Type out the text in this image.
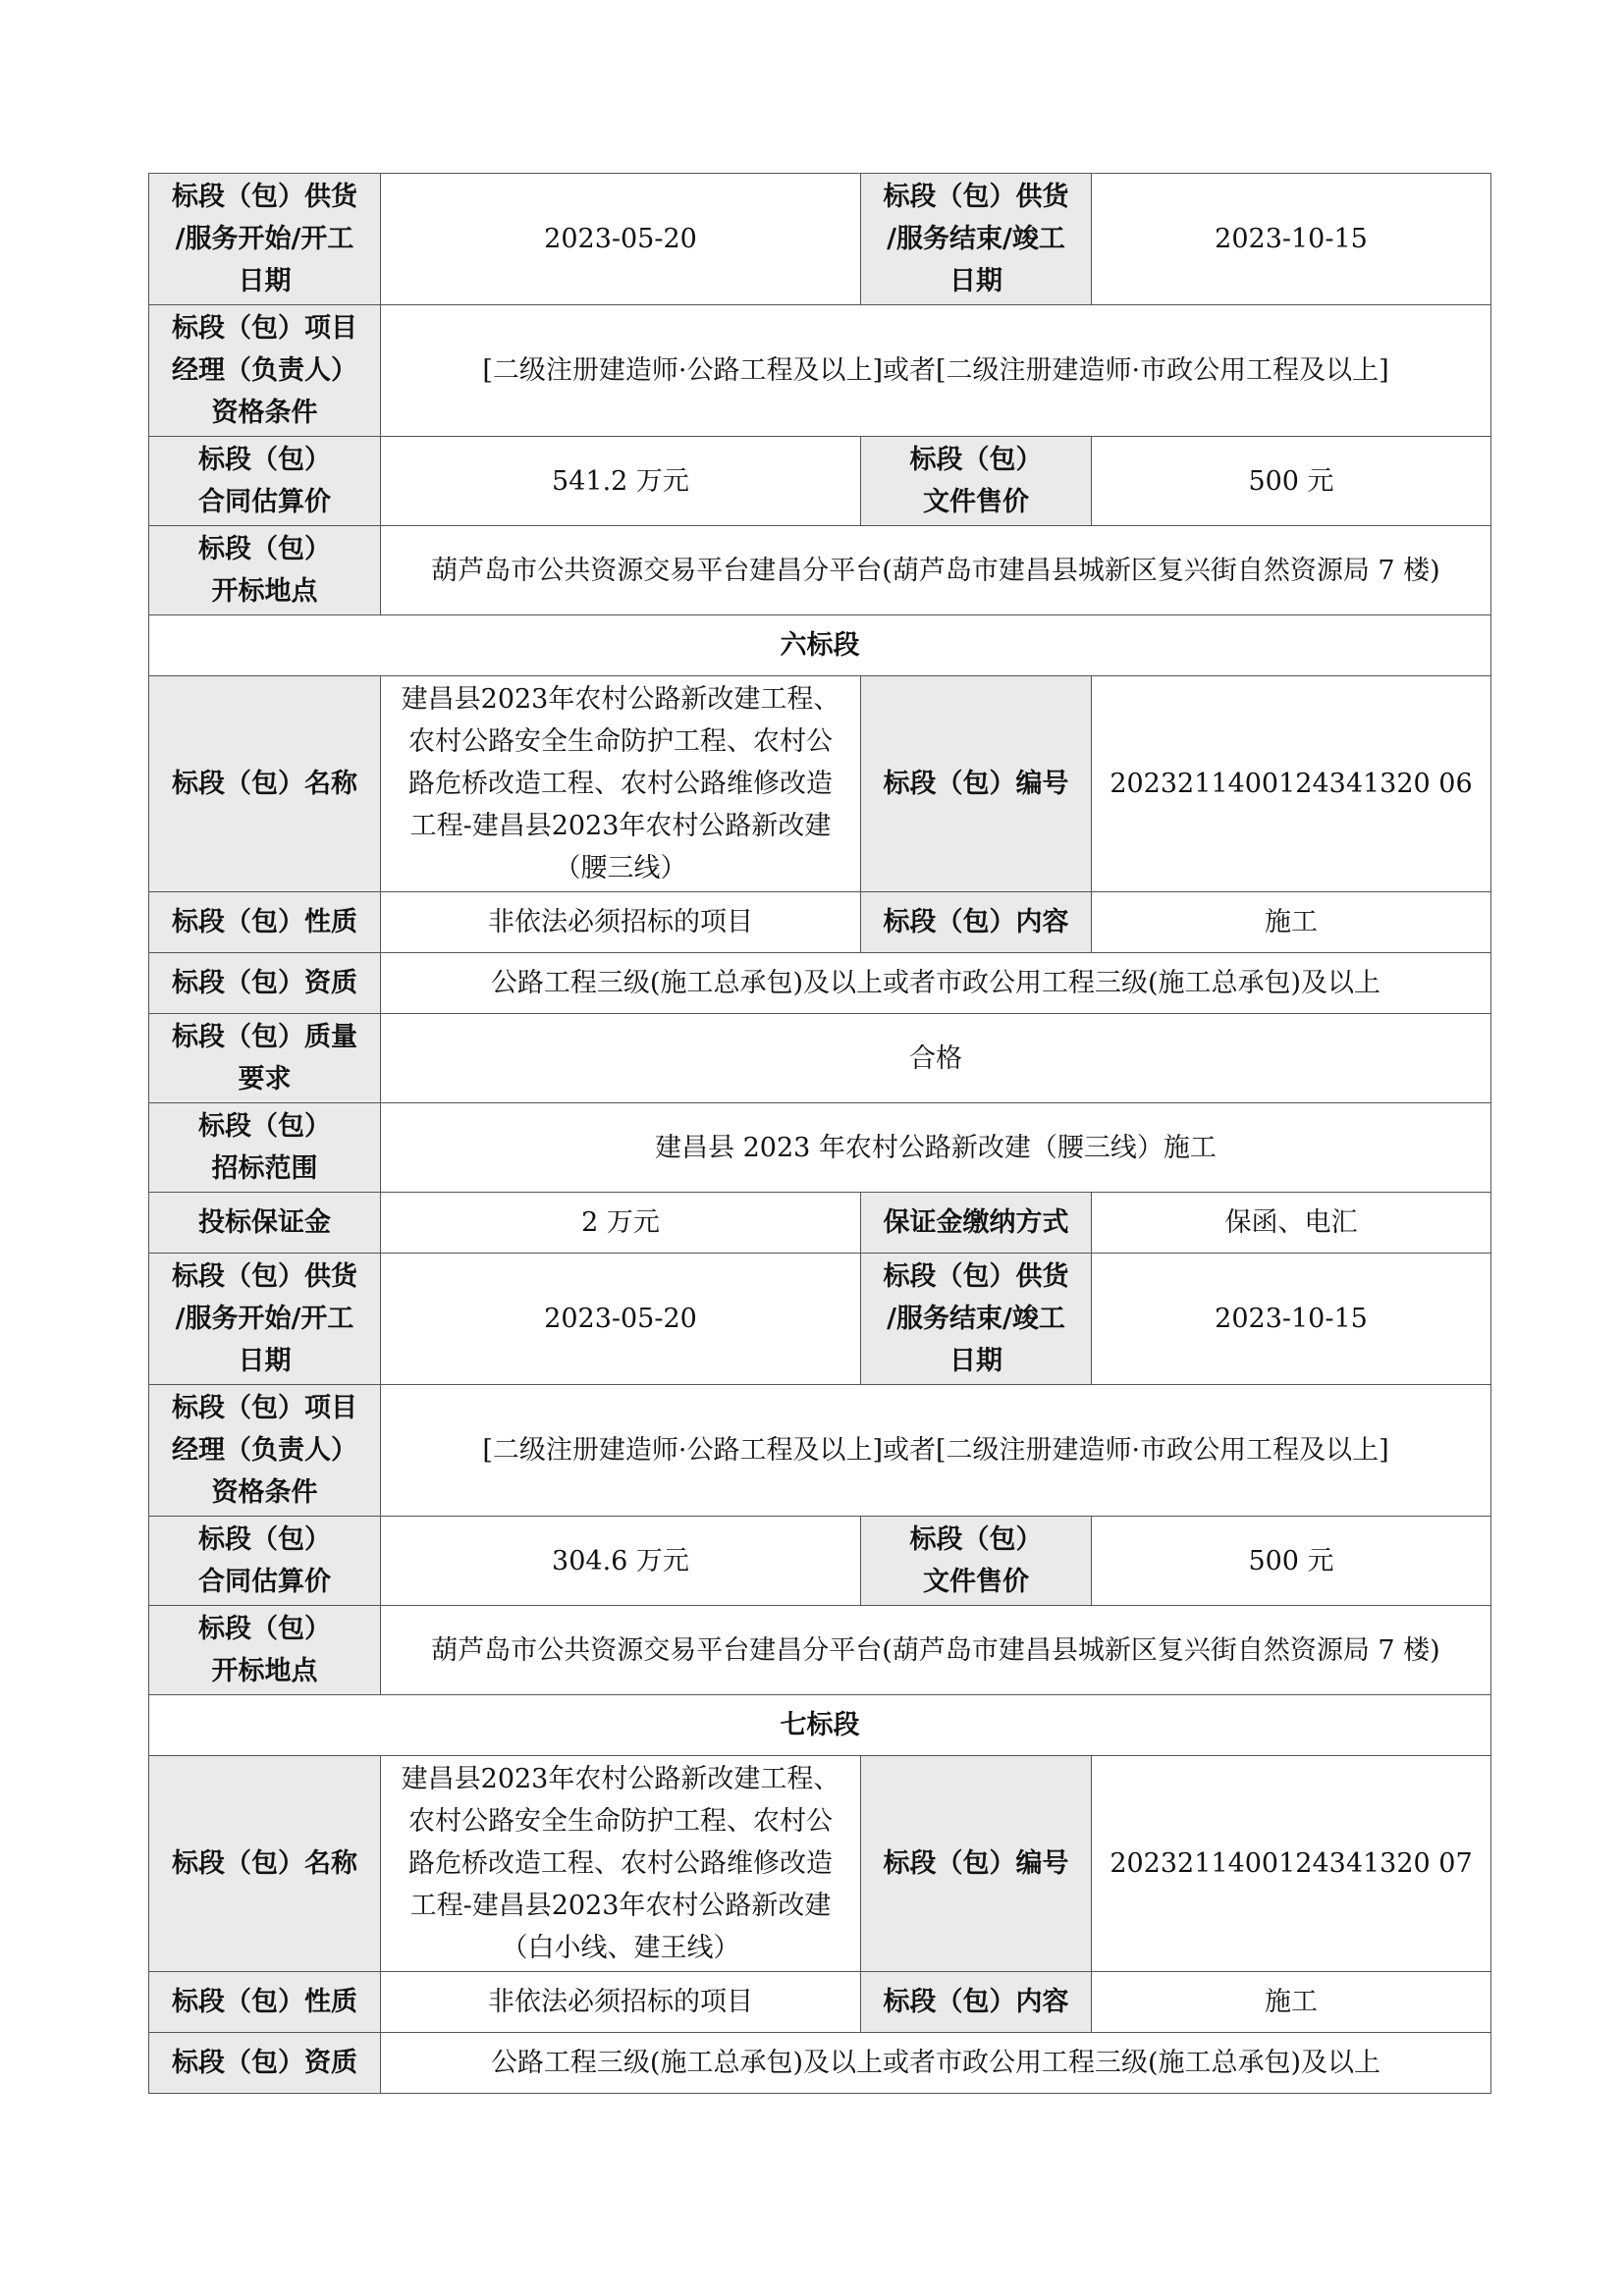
标段（包）供货
/服务开始/开工
日期	2023-05-20	标段（包）供货
/服务结束/竣工
日期	2023-10-15

标段（包）项目
经理（负责人）
资格条件	[二级注册建造师·公路工程及以上]或者[二级注册建造师·市政公用工程及以上]		

标段（包）
合同估算价	541.2 万元	标段（包）
文件售价	500 元

标段（包）
开标地点	葫芦岛市公共资源交易平台建昌分平台(葫芦岛市建昌县城新区复兴街自然资源局 7 楼)		
六标段			
标段（包）名称	建昌县2023年农村公路新改建工程、
农村公路安全生命防护工程、农村公
路危桥改造工程、农村公路维修改造
工程-建昌县2023年农村公路新改建
（腰三线）	标段（包）编号	2023211400124341320 06
标段（包）性质	非依法必须招标的项目	标段（包）内容	施工
标段（包）资质	公路工程三级(施工总承包)及以上或者市政公用工程三级(施工总承包)及以上		

标段（包）质量
要求	合格		

标段（包）
招标范围	建昌县 2023 年农村公路新改建（腰三线）施工		
投标保证金	2 万元	保证金缴纳方式	保函、电汇

标段（包）供货
/服务开始/开工
日期	2023-05-20	标段（包）供货
/服务结束/竣工
日期	2023-10-15

标段（包）项目
经理（负责人）
资格条件	[二级注册建造师·公路工程及以上]或者[二级注册建造师·市政公用工程及以上]		

标段（包）
合同估算价	304.6 万元	标段（包）
文件售价	500 元

标段（包）
开标地点	葫芦岛市公共资源交易平台建昌分平台(葫芦岛市建昌县城新区复兴街自然资源局 7 楼)		
七标段			
标段（包）名称	建昌县2023年农村公路新改建工程、
农村公路安全生命防护工程、农村公
路危桥改造工程、农村公路维修改造
工程-建昌县2023年农村公路新改建
（白小线、建王线）	标段（包）编号	2023211400124341320 07
标段（包）性质	非依法必须招标的项目	标段（包）内容	施工
标段（包）资质	公路工程三级(施工总承包)及以上或者市政公用工程三级(施工总承包)及以上		
